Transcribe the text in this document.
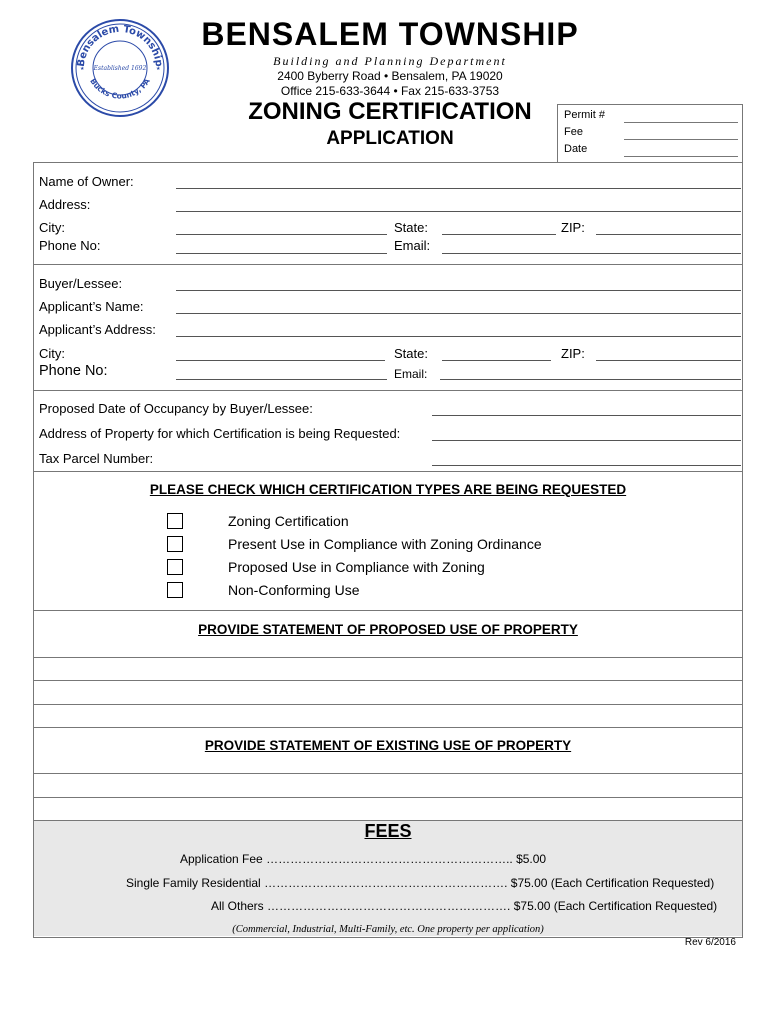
Bensalem Township
Bucks County, PA
Established 1692
★	★
BENSALEM TOWNSHIP
Building and Planning Department
2400 Byberry Road • Bensalem, PA 19020
Office 215-633-3644 • Fax 215-633-3753
ZONING CERTIFICATION
APPLICATION
Permit #
Fee
Date
Name of Owner:
Address:
City:	State:	ZIP:
Phone No:	Email:
Buyer/Lessee:
Applicant’s Name:
Applicant’s Address:
City:	State:	ZIP:
Phone No:	Email:
Proposed Date of Occupancy by Buyer/Lessee:
Address of Property for which Certification is being Requested:
Tax Parcel Number:
PLEASE CHECK WHICH CERTIFICATION TYPES ARE BEING REQUESTED
Zoning Certification
Present Use in Compliance with Zoning Ordinance
Proposed Use in Compliance with Zoning
Non-Conforming Use
PROVIDE STATEMENT OF PROPOSED USE OF PROPERTY
PROVIDE STATEMENT OF EXISTING USE OF PROPERTY
FEES
Application Fee …………………………………………………….. $5.00
Single Family Residential ……………………………………………………. $75.00 (Each Certification Requested)
All Others ……………………………………………………. $75.00 (Each Certification Requested)
(Commercial, Industrial, Multi-Family, etc. One property per application)
Rev 6/2016
